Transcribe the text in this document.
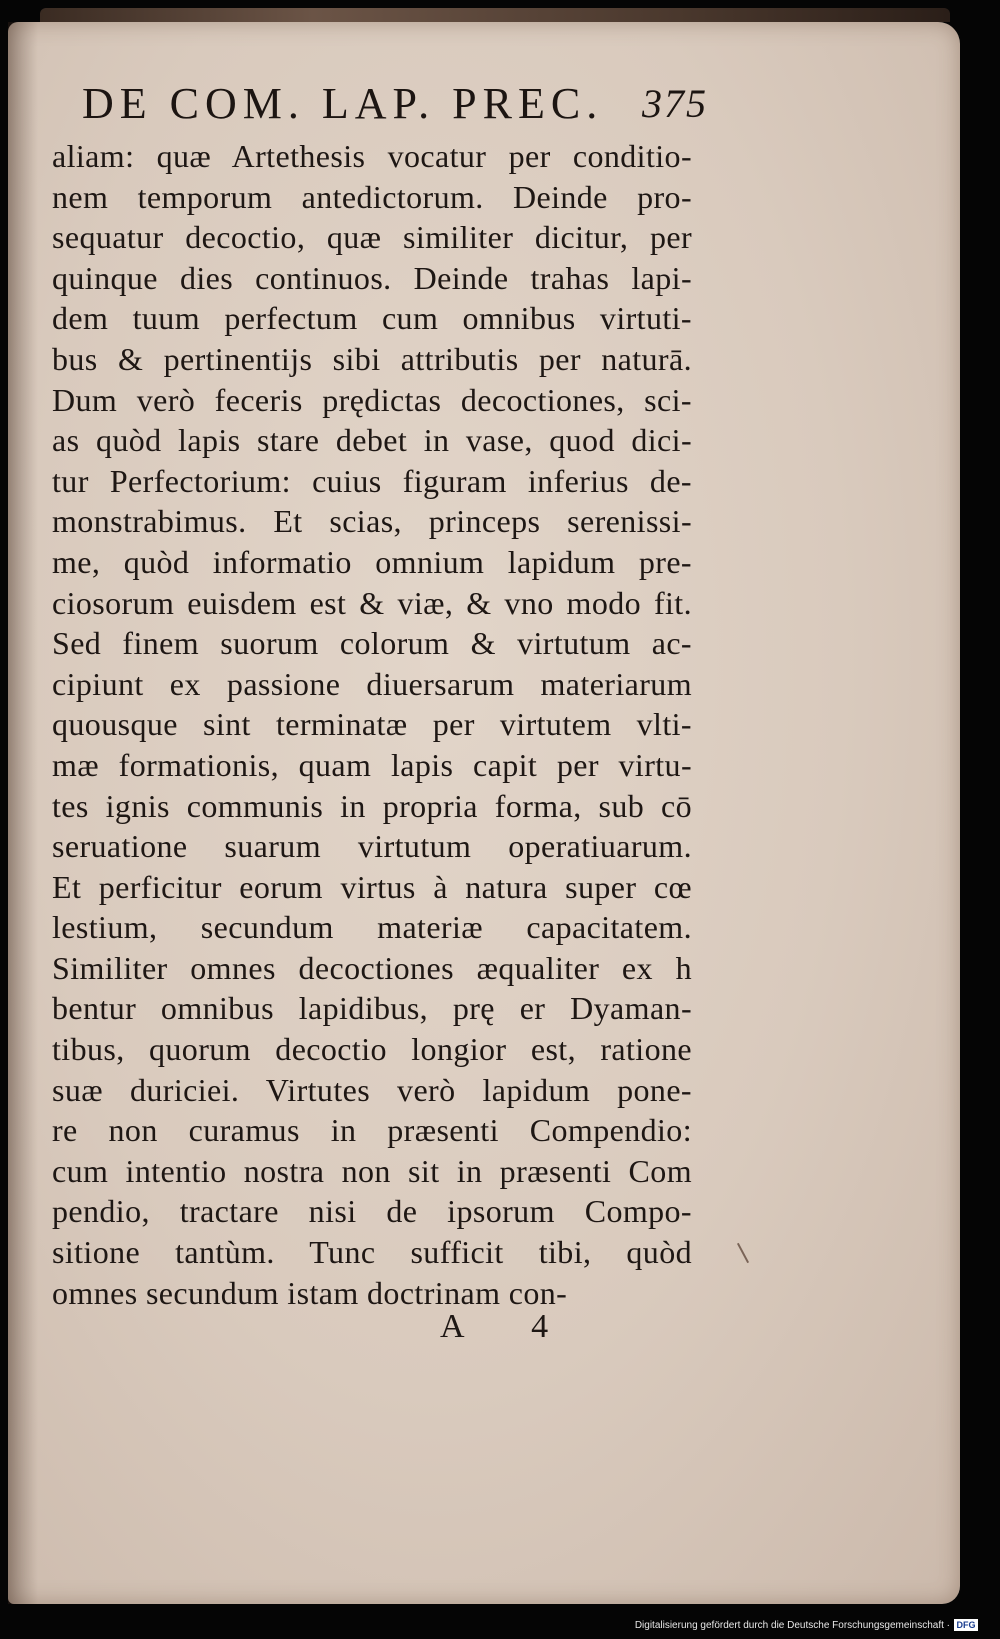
DE COM. LAP. PREC. 375
aliam: quæ Artethesis vocatur per conditio-
nem temporum antedictorum. Deinde pro-
sequatur decoctio, quæ similiter dicitur, per
quinque dies continuos. Deinde trahas lapi-
dem tuum perfectum cum omnibus virtuti-
bus & pertinentijs sibi attributis per naturā.
Dum verò feceris prędictas decoctiones, sci-
as quòd lapis stare debet in vase, quod dici-
tur Perfectorium: cuius figuram inferius de-
monstrabimus. Et scias, princeps serenissi-
me, quòd informatio omnium lapidum pre-
ciosorum euisdem est & viæ, & vno modo fit.
Sed finem suorum colorum & virtutum ac-
cipiunt ex passione diuersarum materiarum
quousque sint terminatæ per virtutem vlti-
mæ formationis, quam lapis capit per virtu-
tes ignis communis in propria forma, sub cō
seruatione suarum virtutum operatiuarum.
Et perficitur eorum virtus à natura super cœ
lestium, secundum materiæ capacitatem.
Similiter omnes decoctiones æqualiter ex h
bentur omnibus lapidibus, prę er Dyaman-
tibus, quorum decoctio longior est, ratione
suæ duriciei. Virtutes verò lapidum pone-
re non curamus in præsenti Compendio:
cum intentio nostra non sit in præsenti Com
pendio, tractare nisi de ipsorum Compo-
sitione tantùm. Tunc sufficit tibi, quòd
omnes secundum istam doctrinam con-
A 4
Digitalisierung gefördert durch die Deutsche Forschungsgemeinschaft · DFG
